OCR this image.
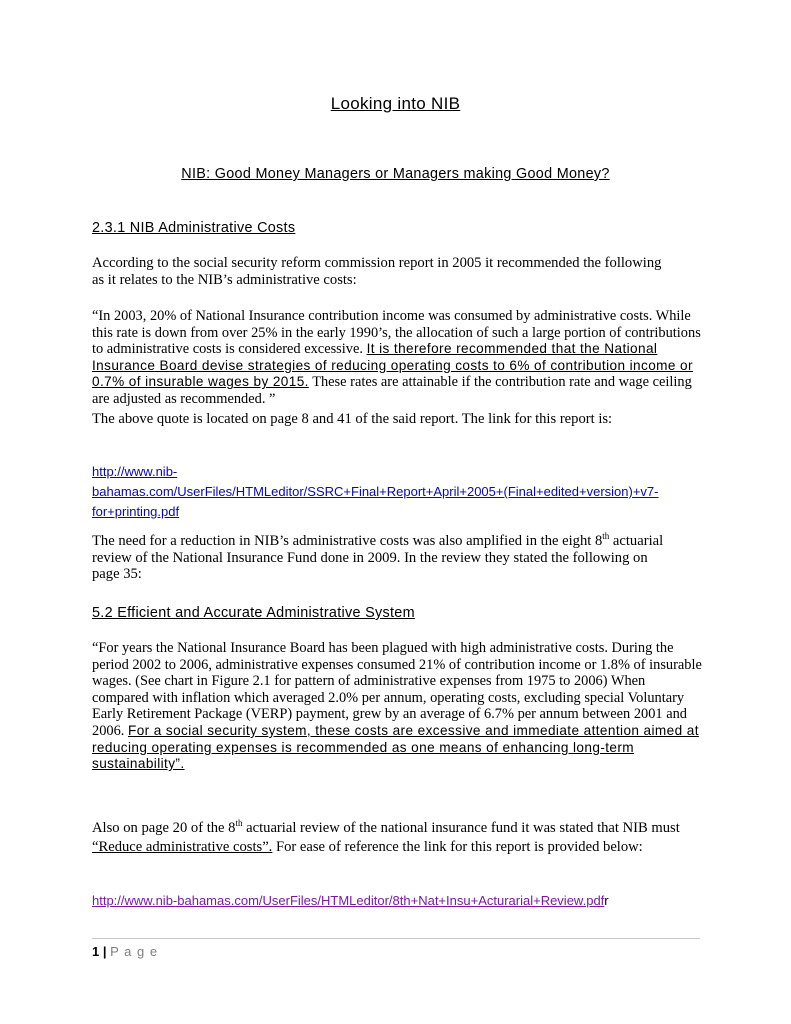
Looking into NIB
NIB: Good Money Managers or Managers making Good Money?
2.3.1 NIB Administrative Costs

According to the social security reform commission report in 2005 it recommended the following as it relates to the NIB’s administrative costs:

“In 2003, 20% of National Insurance contribution income was consumed by administrative costs. While this rate is down from over 25% in the early 1990’s, the allocation of such a large portion of contributions to administrative costs is considered excessive. It is therefore recommended that the National Insurance Board devise strategies of reducing operating costs to 6% of contribution income or 0.7% of insurable wages by 2015. These rates are attainable if the contribution rate and wage ceiling are adjusted as recommended. ”

The above quote is located on page 8 and 41 of the said report. The link for this report is:

http://www.nib-
bahamas.com/UserFiles/HTMLeditor/SSRC+Final+Report+April+2005+(Final+edited+version)+v7-
for+printing.pdf

The need for a reduction in NIB’s administrative costs was also amplified in the eight 8th actuarial review of the National Insurance Fund done in 2009. In the review they stated the following on page 35:

5.2 Efficient and Accurate Administrative System

“For years the National Insurance Board has been plagued with high administrative costs. During the period 2002 to 2006, administrative expenses consumed 21% of contribution income or 1.8% of insurable wages. (See chart in Figure 2.1 for pattern of administrative expenses from 1975 to 2006) When compared with inflation which averaged 2.0% per annum, operating costs, excluding special Voluntary Early Retirement Package (VERP) payment, grew by an average of 6.7% per annum between 2001 and 2006. For a social security system, these costs are excessive and immediate attention aimed at reducing operating expenses is recommended as one means of enhancing long-term sustainability”.

Also on page 20 of the 8th actuarial review of the national insurance fund it was stated that NIB must “Reduce administrative costs”. For ease of reference the link for this report is provided below:

http://www.nib-bahamas.com/UserFiles/HTMLeditor/8th+Nat+Insu+Acturarial+Review.pdfr
1 | P a g e
